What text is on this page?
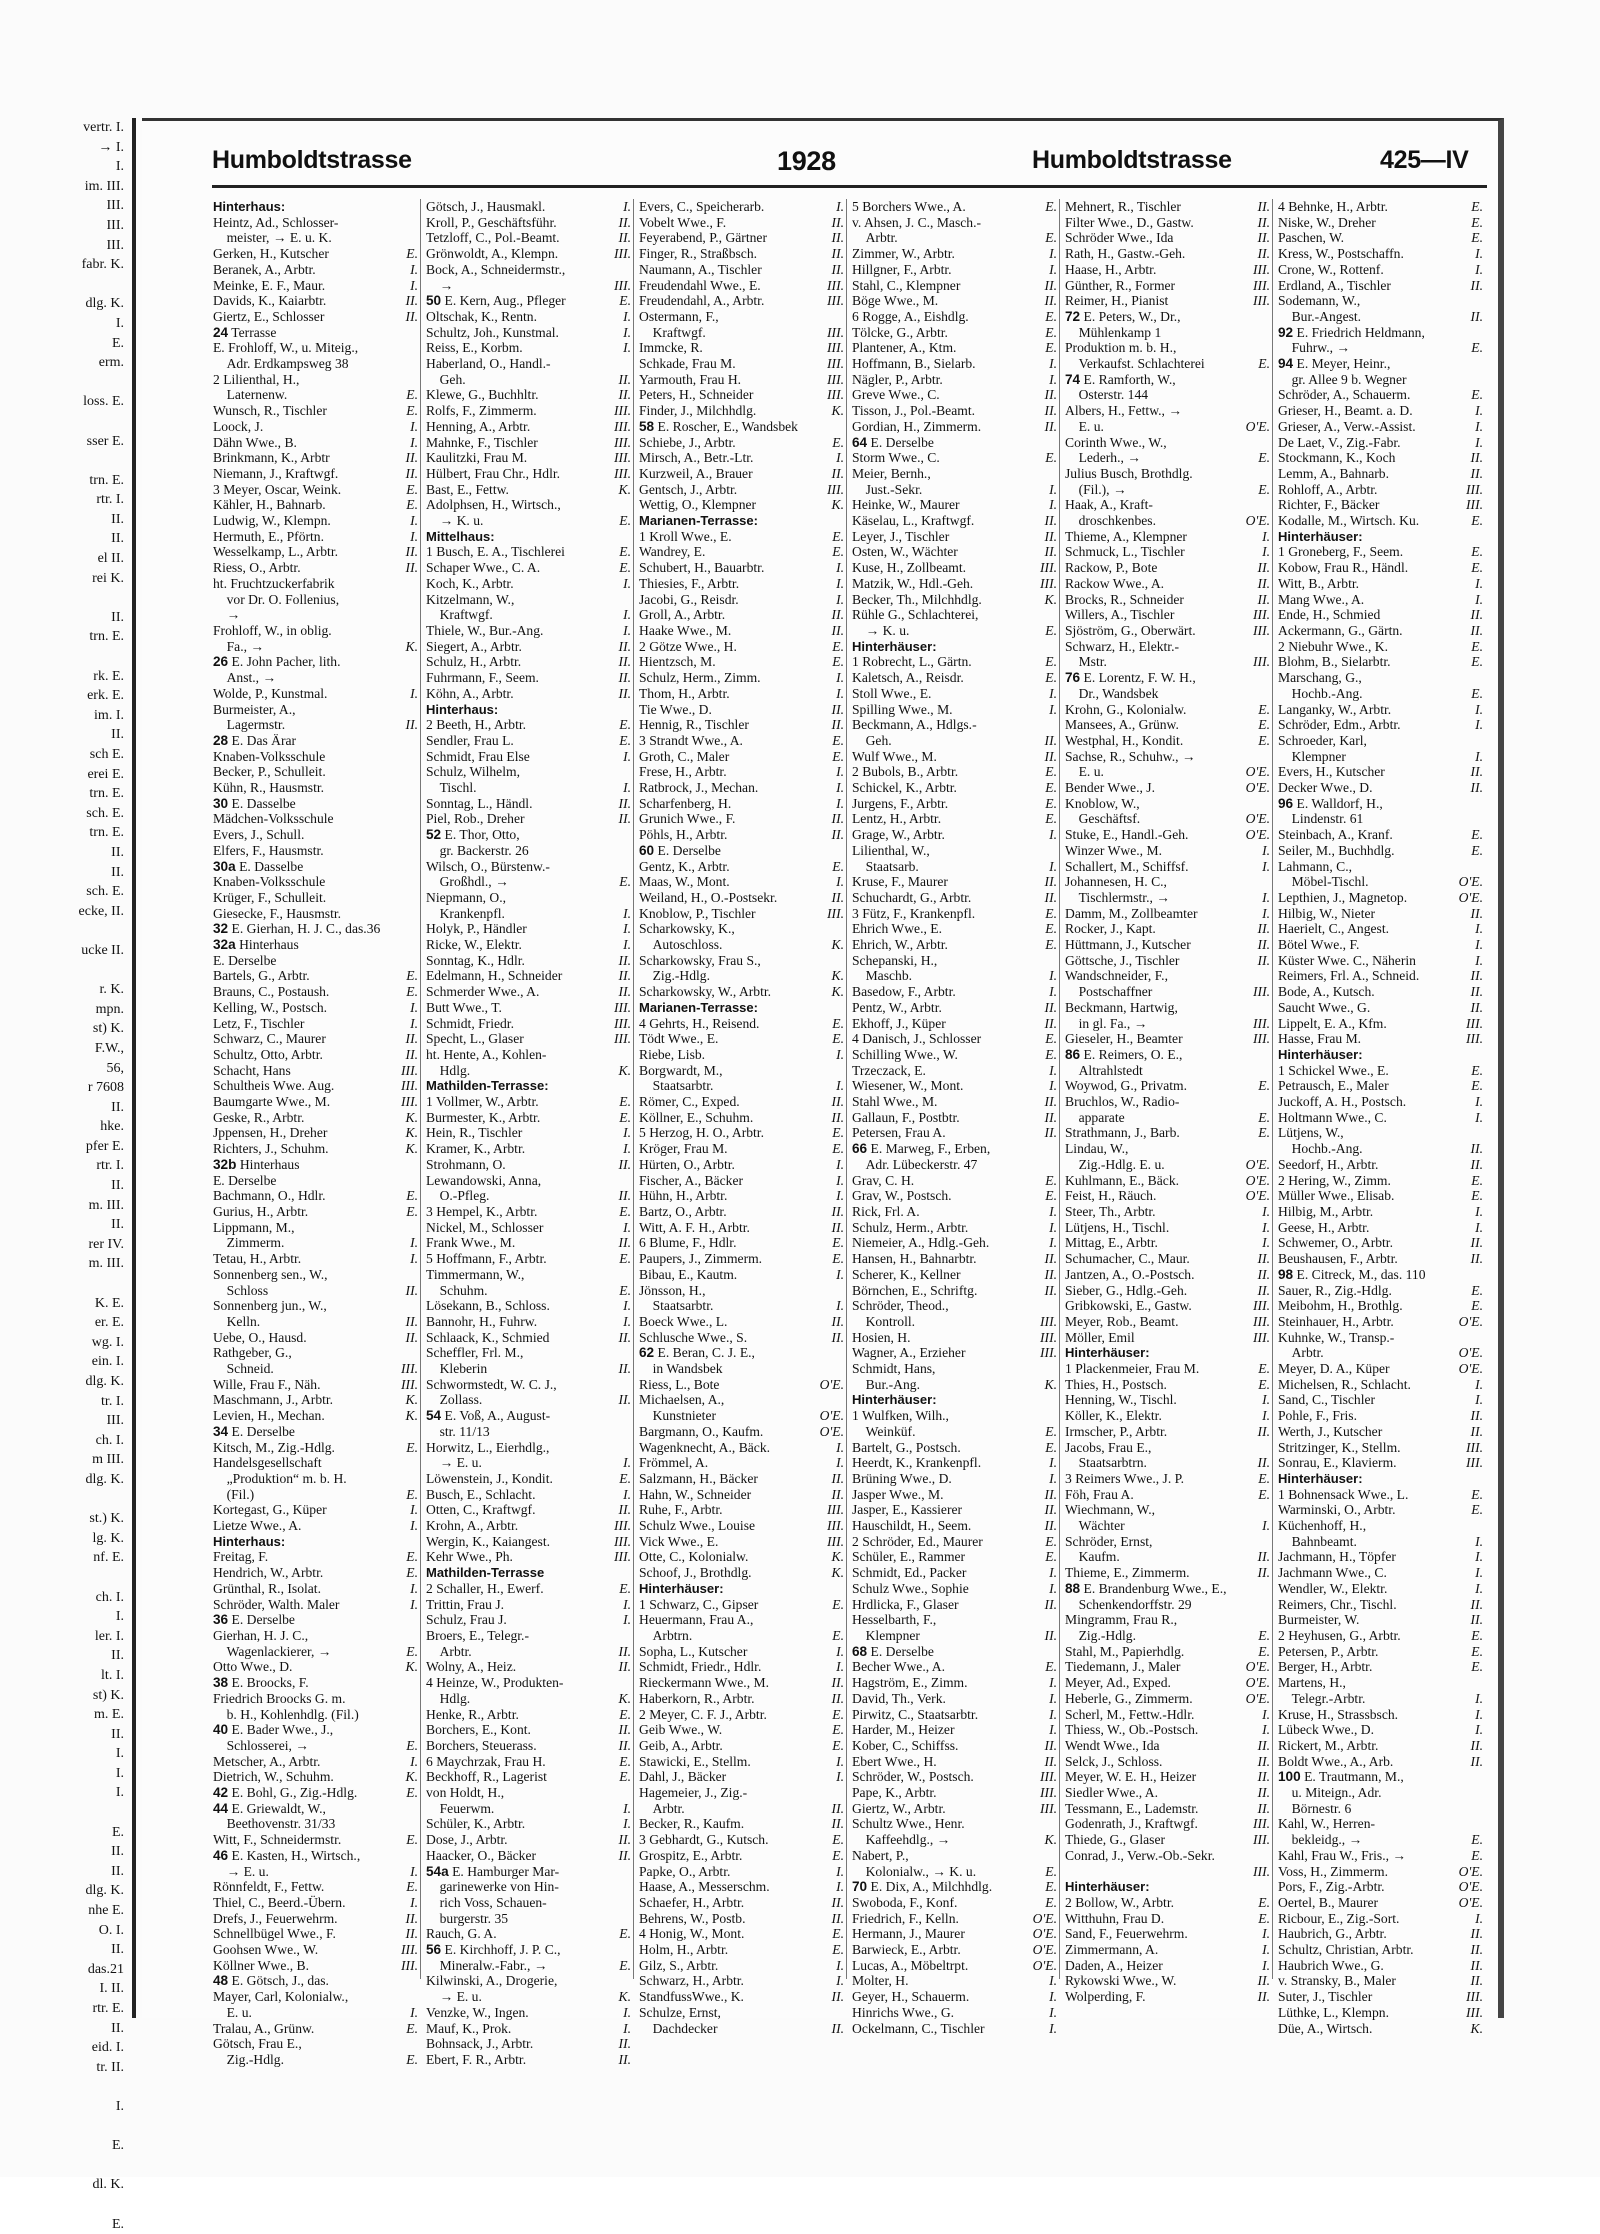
vertr. I.
→ I.
I.
im. III.
III.
III.
III.
fabr. K.
dlg. K.
I.
E.
erm.
loss. E.
sser E.
trn. E.
rtr. I.
II.
II.
el II.
rei K.
II.
trn. E.
rk. E.
erk. E.
im. I.
II.
sch E.
erei E.
trn. E.
sch. E.
trn. E.
II.
II.
sch. E.
ecke, II.
ucke II.
r. K.
mpn.
st) K.
F.W.,
56,
r 7608
II.
hke.
pfer E.
rtr. I.
II.
m. III.
II.
rer IV.
m. III.
K. E.
er. E.
wg. I.
ein. I.
dlg. K.
tr. I.
III.
ch. I.
m III.
dlg. K.
st.) K.
lg. K.
nf. E.
ch. I.
I.
ler. I.
II.
lt. I.
st) K.
m. E.
II.
I.
I.
I.
E.
II.
II.
dlg. K.
nhe E.
O. I.
II.
das.21
I. II.
rtr. E.
II.
eid. I.
tr. II.
I.
E.
dl. K.
E.
Humboldtstrasse	1928	Humboldtstrasse	425—IV
Hinterhaus:
Heintz, Ad., Schlosser-
 meister, → E. u. K.
Gerken, H., Kutscher	E.
Beranek, A., Arbtr.	I.
Meinke, E. F., Maur.	I.
Davids, K., Kaiarbtr.	II.
Giertz, E., Schlosser	II.
24 Terrasse
E. Frohloff, W., u. Miteig.,
 Adr. Erdkampsweg 38
2 Lilienthal, H.,
 Laternenw.	E.
Wunsch, R., Tischler	E.
Loock, J.	I.
Dähn Wwe., B.	I.
Brinkmann, K., Arbtr	II.
Niemann, J., Kraftwgf.	II.
3 Meyer, Oscar, Weink.	E.
Kähler, H., Bahnarb.	E.
Ludwig, W., Klempn.	I.
Hermuth, E., Pförtn.	I.
Wesselkamp, L., Arbtr.	II.
Riess, O., Arbtr.	II.
ht. Fruchtzuckerfabrik
 vor Dr. O. Follenius,
 →
Frohloff, W., in oblig.
 Fa., →	K.
26 E. John Pacher, lith.
 Anst., →
Wolde, P., Kunstmal.	I.
Burmeister, A.,
 Lagermstr.	II.
28 E. Das Ärar
Knaben-Volksschule
Becker, P., Schulleit.
Kühn, R., Hausmstr.
30 E. Dasselbe
Mädchen-Volksschule
Evers, J., Schull.
Elfers, F., Hausmstr.
30a E. Dasselbe
Knaben-Volksschule
Krüger, F., Schulleit.
Giesecke, F., Hausmstr.
32 E. Gierhan, H. J. C., das.36
32a Hinterhaus
E. Derselbe
Bartels, G., Arbtr.	E.
Brauns, C., Postaush.	E.
Kelling, W., Postsch.	I.
Letz, F., Tischler	I.
Schwarz, C., Maurer	II.
Schultz, Otto, Arbtr.	II.
Schacht, Hans	III.
Schultheis Wwe. Aug.	III.
Baumgarte Wwe., M.	III.
Geske, R., Arbtr.	K.
Jppensen, H., Dreher	K.
Richters, J., Schuhm.	K.
32b Hinterhaus
E. Derselbe
Bachmann, O., Hdlr.	E.
Gurius, H., Arbtr.	E.
Lippmann, M.,
 Zimmerm.	I.
Tetau, H., Arbtr.	I.
Sonnenberg sen., W.,
 Schloss	II.
Sonnenberg jun., W.,
 Kelln.	II.
Uebe, O., Hausd.	II.
Rathgeber, G.,
 Schneid.	III.
Wille, Frau F., Näh.	III.
Maschmann, J., Arbtr.	K.
Levien, H., Mechan.	K.
34 E. Derselbe
Kitsch, M., Zig.-Hdlg.	E.
Handelsgesellschaft
 „Produktion“ m. b. H.
 (Fil.)	E.
Kortegast, G., Küper	I.
Lietze Wwe., A.	I.
Hinterhaus:
Freitag, F.	E.
Hendrich, W., Arbtr.	E.
Grünthal, R., Isolat.	I.
Schröder, Walth. Maler	I.
36 E. Derselbe
Gierhan, H. J. C.,
 Wagenlackierer, →	E.
Otto Wwe., D.	K.
38 E. Broocks, F.
Friedrich Broocks G. m.
 b. H., Kohlenhdlg. (Fil.)
40 E. Bader Wwe., J.,
 Schlosserei, →	E.
Metscher, A., Arbtr.	I.
Dietrich, W., Schuhm.	K.
42 E. Bohl, G., Zig.-Hdlg.	E.
44 E. Griewaldt, W.,
 Beethovenstr. 31/33
Witt, F., Schneidermstr.	E.
46 E. Kasten, H., Wirtsch.,
 → E. u.	I.
Rönnfeldt, F., Fettw.	E.
Thiel, C., Beerd.-Übern.	I.
Drefs, J., Feuerwehrm.	II.
Schnellbügel Wwe., F.	II.
Goohsen Wwe., W.	III.
Köllner Wwe., B.	III.
48 E. Götsch, J., das.
Mayer, Carl, Kolonialw.,
 E. u.	I.
Tralau, A., Grünw.	E.
Götsch, Frau E.,
 Zig.-Hdlg.	E.
Götsch, J., Hausmakl.	I.
Kroll, P., Geschäftsführ.	II.
Tetzloff, C., Pol.-Beamt.	II.
Grönwoldt, A., Klempn.	III.
Bock, A., Schneidermstr.,
 →	III.
50 E. Kern, Aug., Pfleger	E.
Oltschak, K., Rentn.	I.
Schultz, Joh., Kunstmal.	I.
Reiss, E., Korbm.	I.
Haberland, O., Handl.-
 Geh.	II.
Klewe, G., Buchhltr.	II.
Rolfs, F., Zimmerm.	III.
Henning, A., Arbtr.	III.
Mahnke, F., Tischler	III.
Kaulitzki, Frau M.	III.
Hülbert, Frau Chr., Hdlr.	III.
Bast, E., Fettw.	K.
Adolphsen, H., Wirtsch.,
 → K. u.	E.
Mittelhaus:
1 Busch, E. A., Tischlerei	E.
Schaper Wwe., C. A.	E.
Koch, K., Arbtr.	I.
Kitzelmann, W.,
 Kraftwgf.	I.
Thiele, W., Bur.-Ang.	I.
Siegert, A., Arbtr.	II.
Schulz, H., Arbtr.	II.
Fuhrmann, F., Seem.	II.
Köhn, A., Arbtr.	II.
Hinterhaus:
2 Beeth, H., Arbtr.	E.
Sendler, Frau L.	E.
Schmidt, Frau Else	I.
Schulz, Wilhelm,
 Tischl.	I.
Sonntag, L., Händl.	II.
Piel, Rob., Dreher	II.
52 E. Thor, Otto,
 gr. Backerstr. 26
Wilsch, O., Bürstenw.-
 Großhdl., →	E.
Niepmann, O.,
 Krankenpfl.	I.
Holyk, P., Händler	I.
Ricke, W., Elektr.	I.
Sonntag, K., Hdlr.	II.
Edelmann, H., Schneider	II.
Schmerder Wwe., A.	II.
Butt Wwe., T.	III.
Schmidt, Friedr.	III.
Specht, L., Glaser	III.
ht. Hente, A., Kohlen-
 Hdlg.	K.
Mathilden-Terrasse:
1 Vollmer, W., Arbtr.	E.
Burmester, K., Arbtr.	E.
Hein, R., Tischler	I.
Kramer, K., Arbtr.	I.
Strohmann, O.	II.
Lewandowski, Anna,
 O.-Pfleg.	II.
3 Hempel, K., Arbtr.	E.
Nickel, M., Schlosser	I.
Frank Wwe., M.	II.
5 Hoffmann, F., Arbtr.	E.
Timmermann, W.,
 Schuhm.	E.
Lösekann, B., Schloss.	I.
Bannohr, H., Fuhrw.	I.
Schlaack, K., Schmied	II.
Scheffler, Frl. M.,
 Kleberin	II.
Schwormstedt, W. C. J.,
 Zollass.	II.
54 E. Voß, A., August-
 str. 11/13
Horwitz, L., Eierhdlg.,
 → E. u.	I.
Löwenstein, J., Kondit.	E.
Busch, E., Schlacht.	I.
Otten, C., Kraftwgf.	II.
Krohn, A., Arbtr.	III.
Wergin, K., Kaiangest.	III.
Kehr Wwe., Ph.	III.
Mathilden-Terrasse
2 Schaller, H., Ewerf.	E.
Trittin, Frau J.	I.
Schulz, Frau J.	I.
Broers, E., Telegr.-
 Arbtr.	II.
Wolny, A., Heiz.	II.
4 Heinze, W., Produkten-
 Hdlg.	K.
Henke, R., Arbtr.	E.
Borchers, E., Kont.	II.
Borchers, Steuerass.	II.
6 Maychrzak, Frau H.	E.
Beckhoff, R., Lagerist	E.
von Holdt, H.,
 Feuerwm.	I.
Schüler, K., Arbtr.	I.
Dose, J., Arbtr.	II.
Haacker, O., Bäcker	II.
54a E. Hamburger Mar-
 garinewerke von Hin-
 rich Voss, Schauen-
 burgerstr. 35
Rauch, G. A.	E.
56 E. Kirchhoff, J. P. C.,
 Mineralw.-Fabr., →	E.
Kilwinski, A., Drogerie,
 → E. u.	K.
Venzke, W., Ingen.	I.
Mauf, K., Prok.	I.
Bohnsack, J., Arbtr.	II.
Ebert, F. R., Arbtr.	II.
Evers, C., Speicherarb.	I.
Vobelt Wwe., F.	II.
Feyerabend, P., Gärtner	II.
Finger, R., Straßbsch.	II.
Naumann, A., Tischler	II.
Freudendahl Wwe., E.	III.
Freudendahl, A., Arbtr.	III.
Ostermann, F.,
 Kraftwgf.	III.
Immcke, R.	III.
Schkade, Frau M.	III.
Yarmouth, Frau H.	III.
Peters, H., Schneider	III.
Finder, J., Milchhdlg.	K.
58 E. Roscher, E., Wandsbek
Schiebe, J., Arbtr.	E.
Mirsch, A., Betr.-Ltr.	I.
Kurzweil, A., Brauer	II.
Gentsch, J., Arbtr.	III.
Wettig, O., Klempner	K.
Marianen-Terrasse:
1 Kroll Wwe., E.	E.
Wandrey, E.	E.
Schubert, H., Bauarbtr.	I.
Thiesies, F., Arbtr.	I.
Jacobi, G., Reisdr.	I.
Groll, A., Arbtr.	II.
Haake Wwe., M.	II.
2 Götze Wwe., H.	E.
Hientzsch, M.	E.
Schulz, Herm., Zimm.	I.
Thom, H., Arbtr.	I.
Tie Wwe., D.	II.
Hennig, R., Tischler	II.
3 Strandt Wwe., A.	E.
Groth, C., Maler	E.
Frese, H., Arbtr.	I.
Ratbrock, J., Mechan.	I.
Scharfenberg, H.	I.
Grunich Wwe., F.	II.
Pöhls, H., Arbtr.	II.
60 E. Derselbe
Gentz, K., Arbtr.	E.
Maas, W., Mont.	I.
Weiland, H., O.-Postsekr.	II.
Knoblow, P., Tischler	III.
Scharkowsky, K.,
 Autoschloss.	K.
Scharkowsky, Frau S.,
 Zig.-Hdlg.	K.
Scharkowsky, W., Arbtr.	K.
Marianen-Terrasse:
4 Gehrts, H., Reisend.	E.
Tödt Wwe., E.	E.
Riebe, Lisb.	I.
Borgwardt, M.,
 Staatsarbtr.	I.
Römer, C., Exped.	II.
Köllner, E., Schuhm.	II.
5 Herzog, H. O., Arbtr.	E.
Kröger, Frau M.	E.
Hürten, O., Arbtr.	I.
Fischer, A., Bäcker	I.
Hühn, H., Arbtr.	I.
Bartz, O., Arbtr.	II.
Witt, A. F. H., Arbtr.	II.
6 Blume, F., Hdlr.	E.
Paupers, J., Zimmerm.	E.
Bibau, E., Kautm.	I.
Jönsson, H.,
 Staatsarbtr.	I.
Boeck Wwe., L.	II.
Schlusche Wwe., S.	II.
62 E. Beran, C. J. E.,
 in Wandsbek
Riess, L., Bote	O'E.
Michaelsen, A.,
 Kunstnieter	O'E.
Bargmann, O., Kaufm.	O'E.
Wagenknecht, A., Bäck.	I.
Frömmel, A.	I.
Salzmann, H., Bäcker	II.
Hahn, W., Schneider	II.
Ruhe, F., Arbtr.	III.
Schulz Wwe., Louise	III.
Vick Wwe., E.	III.
Otte, C., Kolonialw.	K.
Schoof, J., Brothdlg.	K.
Hinterhäuser:
1 Schwarz, C., Gipser	E.
Heuermann, Frau A.,
 Arbtrn.	E.
Sopha, L., Kutscher	I.
Schmidt, Friedr., Hdlr.	I.
Rieckermann Wwe., M.	II.
Haberkorn, R., Arbtr.	II.
2 Meyer, C. F. J., Arbtr.	E.
Geib Wwe., W.	E.
Geib, A., Arbtr.	E.
Stawicki, E., Stellm.	I.
Dahl, J., Bäcker	I.
Hagemeier, J., Zig.-
 Arbtr.	II.
Becker, R., Kaufm.	II.
3 Gebhardt, G., Kutsch.	E.
Grospitz, E., Arbtr.	E.
Papke, O., Arbtr.	I.
Haase, A., Messerschm.	I.
Schaefer, H., Arbtr.	II.
Behrens, W., Postb.	II.
4 Honig, W., Mont.	E.
Holm, H., Arbtr.	E.
Gilz, S., Arbtr.	I.
Schwarz, H., Arbtr.	I.
StandfussWwe., K.	II.
Schulze, Ernst,
 Dachdecker	II.
5 Borchers Wwe., A.	E.
v. Ahsen, J. C., Masch.-
 Arbtr.	E.
Zimmer, W., Arbtr.	I.
Hillgner, F., Arbtr.	I.
Stahl, C., Klempner	II.
Böge Wwe., M.	II.
6 Rogge, A., Eishdlg.	E.
Tölcke, G., Arbtr.	E.
Plantener, A., Ktm.	E.
Hoffmann, B., Sielarb.	I.
Nägler, P., Arbtr.	I.
Greve Wwe., C.	II.
Tisson, J., Pol.-Beamt.	II.
Gordian, H., Zimmerm.	II.
64 E. Derselbe
Storm Wwe., C.	E.
Meier, Bernh.,
 Just.-Sekr.	I.
Heinke, W., Maurer	I.
Käselau, L., Kraftwgf.	II.
Leyer, J., Tischler	II.
Osten, W., Wächter	II.
Kuse, H., Zollbeamt.	III.
Matzik, W., Hdl.-Geh.	III.
Becker, Th., Milchhdlg.	K.
Rühle G., Schlachterei,
 → K. u.	E.
Hinterhäuser:
1 Robrecht, L., Gärtn.	E.
Kaletsch, A., Reisdr.	E.
Stoll Wwe., E.	I.
Spilling Wwe., M.	I.
Beckmann, A., Hdlgs.-
 Geh.	II.
Wulf Wwe., M.	II.
2 Bubols, B., Arbtr.	E.
Schickel, K., Arbtr.	E.
Jurgens, F., Arbtr.	E.
Lentz, H., Arbtr.	E.
Grage, W., Arbtr.	I.
Lilienthal, W.,
 Staatsarb.	I.
Kruse, F., Maurer	II.
Schuchardt, G., Arbtr.	II.
3 Fütz, F., Krankenpfl.	E.
Ehrich Wwe., E.	E.
Ehrich, W., Arbtr.	E.
Schepanski, H.,
 Maschb.	I.
Basedow, F., Arbtr.	I.
Pentz, W., Arbtr.	II.
Ekhoff, J., Küper	II.
4 Danisch, J., Schlosser	E.
Schilling Wwe., W.	E.
Trzeczack, E.	I.
Wiesener, W., Mont.	I.
Stahl Wwe., M.	II.
Gallaun, F., Postbtr.	II.
Petersen, Frau A.	II.
66 E. Marweg, F., Erben,
 Adr. Lübeckerstr. 47
Grav, C. H.	E.
Grav, W., Postsch.	E.
Rick, Frl. A.	I.
Schulz, Herm., Arbtr.	I.
Niemeier, A., Hdlg.-Geh.	I.
Hansen, H., Bahnarbtr.	II.
Scherer, K., Kellner	II.
Börnchen, E., Schriftg.	II.
Schröder, Theod.,
 Kontroll.	III.
Hosien, H.	III.
Wagner, A., Erzieher	III.
Schmidt, Hans,
 Bur.-Ang.	K.
Hinterhäuser:
1 Wulfken, Wilh.,
 Weinküf.	E.
Bartelt, G., Postsch.	E.
Heerdt, K., Krankenpfl.	I.
Brüning Wwe., D.	I.
Jasper Wwe., M.	II.
Jasper, E., Kassierer	II.
Hauschildt, H., Seem.	II.
2 Schröder, Ed., Maurer	E.
Schüler, E., Rammer	E.
Schmidt, Ed., Packer	I.
Schulz Wwe., Sophie	I.
Hrdlicka, F., Glaser	II.
Hesselbarth, F.,
 Klempner	II.
68 E. Derselbe
Becher Wwe., A.	E.
Hagström, E., Zimm.	I.
David, Th., Verk.	I.
Pirwitz, C., Staatsarbtr.	I.
Harder, M., Heizer	I.
Kober, C., Schiffss.	II.
Ebert Wwe., H.	II.
Schröder, W., Postsch.	III.
Pape, K., Arbtr.	III.
Giertz, W., Arbtr.	III.
Schultz Wwe., Henr.
 Kaffeehdlg., →	K.
Nabert, P.,
 Kolonialw., → K. u.	E.
70 E. Dix, A., Milchhdlg.	E.
Swoboda, F., Konf.	E.
Friedrich, F., Kelln.	O'E.
Hermann, J., Maurer	O'E.
Barwieck, E., Arbtr.	O'E.
Lucas, A., Möbeltrpt.	O'E.
Molter, H.	I.
Geyer, H., Schauerm.	I.
Hinrichs Wwe., G.	I.
Ockelmann, C., Tischler	I.
Mehnert, R., Tischler	II.
Filter Wwe., D., Gastw.	II.
Schröder Wwe., Ida	II.
Rath, H., Gastw.-Geh.	II.
Haase, H., Arbtr.	III.
Günther, R., Former	III.
Reimer, H., Pianist	III.
72 E. Peters, W., Dr.,
 Mühlenkamp 1
Produktion m. b. H.,
 Verkaufst. Schlachterei	E.
74 E. Ramforth, W.,
 Osterstr. 144
Albers, H., Fettw., →
 E. u.	O'E.
Corinth Wwe., W.,
 Lederh., →	E.
Julius Busch, Brothdlg.
 (Fil.), →	E.
Haak, A., Kraft-
 droschkenbes.	O'E.
Thieme, A., Klempner	I.
Schmuck, L., Tischler	I.
Rackow, P., Bote	II.
Rackow Wwe., A.	II.
Brocks, R., Schneider	II.
Willers, A., Tischler	III.
Sjöström, G., Oberwärt.	III.
Schwarz, H., Elektr.-
 Mstr.	III.
76 E. Lorentz, F. W. H.,
 Dr., Wandsbek
Krohn, G., Kolonialw.	E.
Mansees, A., Grünw.	E.
Westphal, H., Kondit.	E.
Sachse, R., Schuhw., →
 E. u.	O'E.
Bender Wwe., J.	O'E.
Knoblow, W.,
 Geschäftsf.	O'E.
Stuke, E., Handl.-Geh.	O'E.
Winzer Wwe., M.	I.
Schallert, M., Schiffsf.	I.
Johannesen, H. C.,
 Tischlermstr., →	I.
Damm, M., Zollbeamter	I.
Rocker, J., Kapt.	II.
Hüttmann, J., Kutscher	II.
Göttsche, J., Tischler	II.
Wandschneider, F.,
 Postschaffner	III.
Beckmann, Hartwig,
 in gl. Fa., →	III.
Gieseler, H., Beamter	III.
86 E. Reimers, O. E.,
 Altrahlstedt
Woywod, G., Privatm.	E.
Bruchlos, W., Radio-
 apparate	E.
Strathmann, J., Barb.	E.
Lindau, W.,
 Zig.-Hdlg. E. u.	O'E.
Kuhlmann, E., Bäck.	O'E.
Feist, H., Räuch.	O'E.
Steer, Th., Arbtr.	I.
Lütjens, H., Tischl.	I.
Mittag, E., Arbtr.	I.
Schumacher, C., Maur.	II.
Jantzen, A., O.-Postsch.	II.
Sieber, G., Hdlg.-Geh.	II.
Gribkowski, E., Gastw.	III.
Meyer, Rob., Beamt.	III.
Möller, Emil	III.
Hinterhäuser:
1 Plackenmeier, Frau M.	E.
Thies, H., Postsch.	E.
Henning, W., Tischl.	I.
Köller, K., Elektr.	I.
Irmscher, P., Arbtr.	II.
Jacobs, Frau E.,
 Staatsarbtrn.	II.
3 Reimers Wwe., J. P.	E.
Föh, Frau A.	E.
Wiechmann, W.,
 Wächter	I.
Schröder, Ernst,
 Kaufm.	II.
Thieme, E., Zimmerm.	II.
88 E. Brandenburg Wwe., E.,
 Schenkendorffstr. 29
Mingramm, Frau R.,
 Zig.-Hdlg.	E.
Stahl, M., Papierhdlg.	E.
Tiedemann, J., Maler	O'E.
Meyer, Ad., Exped.	O'E.
Heberle, G., Zimmerm.	O'E.
Scherl, M., Fettw.-Hdlr.	I.
Thiess, W., Ob.-Postsch.	I.
Wendt Wwe., Ida	II.
Selck, J., Schloss.	II.
Meyer, W. E. H., Heizer	II.
Siedler Wwe., A.	II.
Tessmann, E., Lademstr.	II.
Godenrath, J., Kraftwgf.	III.
Thiede, G., Glaser	III.
Conrad, J., Verw.-Ob.-Sekr.

III.
Hinterhäuser:
2 Bollow, W., Arbtr.	E.
Witthuhn, Frau D.	E.
Sand, F., Feuerwehrm.	I.
Zimmermann, A.	I.
Daden, A., Heizer	I.
Rykowski Wwe., W.	II.
Wolperding, F.	II.
4 Behnke, H., Arbtr.	E.
Niske, W., Dreher	E.
Paschen, W.	E.
Kress, W., Postschaffn.	I.
Crone, W., Rottenf.	I.
Erdland, A., Tischler	II.
Sodemann, W.,
 Bur.-Angest.	II.
92 E. Friedrich Heldmann,
 Fuhrw., →	E.
94 E. Meyer, Heinr.,
 gr. Allee 9 b. Wegner
Schröder, A., Schauerm.	E.
Grieser, H., Beamt. a. D.	I.
Grieser, A., Verw.-Assist.	I.
De Laet, V., Zig.-Fabr.	I.
Stockmann, K., Koch	II.
Lemm, A., Bahnarb.	II.
Rohloff, A., Arbtr.	III.
Richter, F., Bäcker	III.
Kodalle, M., Wirtsch. Ku.	E.
Hinterhäuser:
1 Groneberg, F., Seem.	E.
Kobow, Frau R., Händl.	E.
Witt, B., Arbtr.	I.
Mang Wwe., A.	I.
Ende, H., Schmied	II.
Ackermann, G., Gärtn.	II.
2 Niebuhr Wwe., K.	E.
Blohm, B., Sielarbtr.	E.
Marschang, G.,
 Hochb.-Ang.	E.
Langanky, W., Arbtr.	I.
Schröder, Edm., Arbtr.	I.
Schroeder, Karl,
 Klempner	I.
Evers, H., Kutscher	II.
Decker Wwe., D.	II.
96 E. Walldorf, H.,
 Lindenstr. 61
Steinbach, A., Kranf.	E.
Seiler, M., Buchhdlg.	E.
Lahmann, C.,
 Möbel-Tischl.	O'E.
Lepthien, J., Magnetop.	O'E.
Hilbig, W., Nieter	II.
Haerielt, C., Angest.	I.
Bötel Wwe., F.	I.
Küster Wwe. C., Näherin	I.
Reimers, Frl. A., Schneid.	II.
Bode, A., Kutsch.	II.
Saucht Wwe., G.	II.
Lippelt, E. A., Kfm.	III.
Hasse, Frau M.	III.
Hinterhäuser:
1 Schickel Wwe., E.	E.
Petrausch, E., Maler	E.
Juckoff, A. H., Postsch.	I.
Holtmann Wwe., C.	I.
Lütjens, W.,
 Hochb.-Ang.	II.
Seedorf, H., Arbtr.	II.
2 Hering, W., Zimm.	E.
Müller Wwe., Elisab.	E.
Hilbig, M., Arbtr.	I.
Geese, H., Arbtr.	I.
Schwemer, O., Arbtr.	II.
Beushausen, F., Arbtr.	II.
98 E. Citreck, M., das. 110
Sauer, R., Zig.-Hdlg.	E.
Meibohm, H., Brothlg.	E.
Steinhauer, H., Arbtr.	O'E.
Kuhnke, W., Transp.-
 Arbtr.	O'E.
Meyer, D. A., Küper	O'E.
Michelsen, R., Schlacht.	I.
Sand, C., Tischler	I.
Pohle, F., Fris.	II.
Werth, J., Kutscher	II.
Stritzinger, K., Stellm.	III.
Sonrau, E., Klavierm.	III.
Hinterhäuser:
1 Bohnensack Wwe., L.	E.
Warminski, O., Arbtr.	E.
Küchenhoff, H.,
 Bahnbeamt.	I.
Jachmann, H., Töpfer	I.
Jachmann Wwe., C.	I.
Wendler, W., Elektr.	I.
Reimers, Chr., Tischl.	II.
Burmeister, W.	II.
2 Heyhusen, G., Arbtr.	E.
Petersen, P., Arbtr.	E.
Berger, H., Arbtr.	E.
Martens, H.,
 Telegr.-Arbtr.	I.
Kruse, H., Strassbsch.	I.
Lübeck Wwe., D.	I.
Rickert, M., Arbtr.	II.
Boldt Wwe., A., Arb.	II.
100 E. Trautmann, M.,
 u. Miteign., Adr.
 Börnestr. 6
Kahl, W., Herren-
 bekleidg., →	E.
Kahl, Frau W., Fris., →	E.
Voss, H., Zimmerm.	O'E.
Pors, F., Zig.-Arbtr.	O'E.
Oertel, B., Maurer	O'E.
Ricbour, E., Zig.-Sort.	I.
Haubrich, G., Arbtr.	II.
Schultz, Christian, Arbtr.	II.
Haubrich Wwe., G.	II.
v. Stransky, B., Maler	II.
Suter, J., Tischler	III.
Lüthke, L., Klempn.	III.
Düe, A., Wirtsch.	K.
